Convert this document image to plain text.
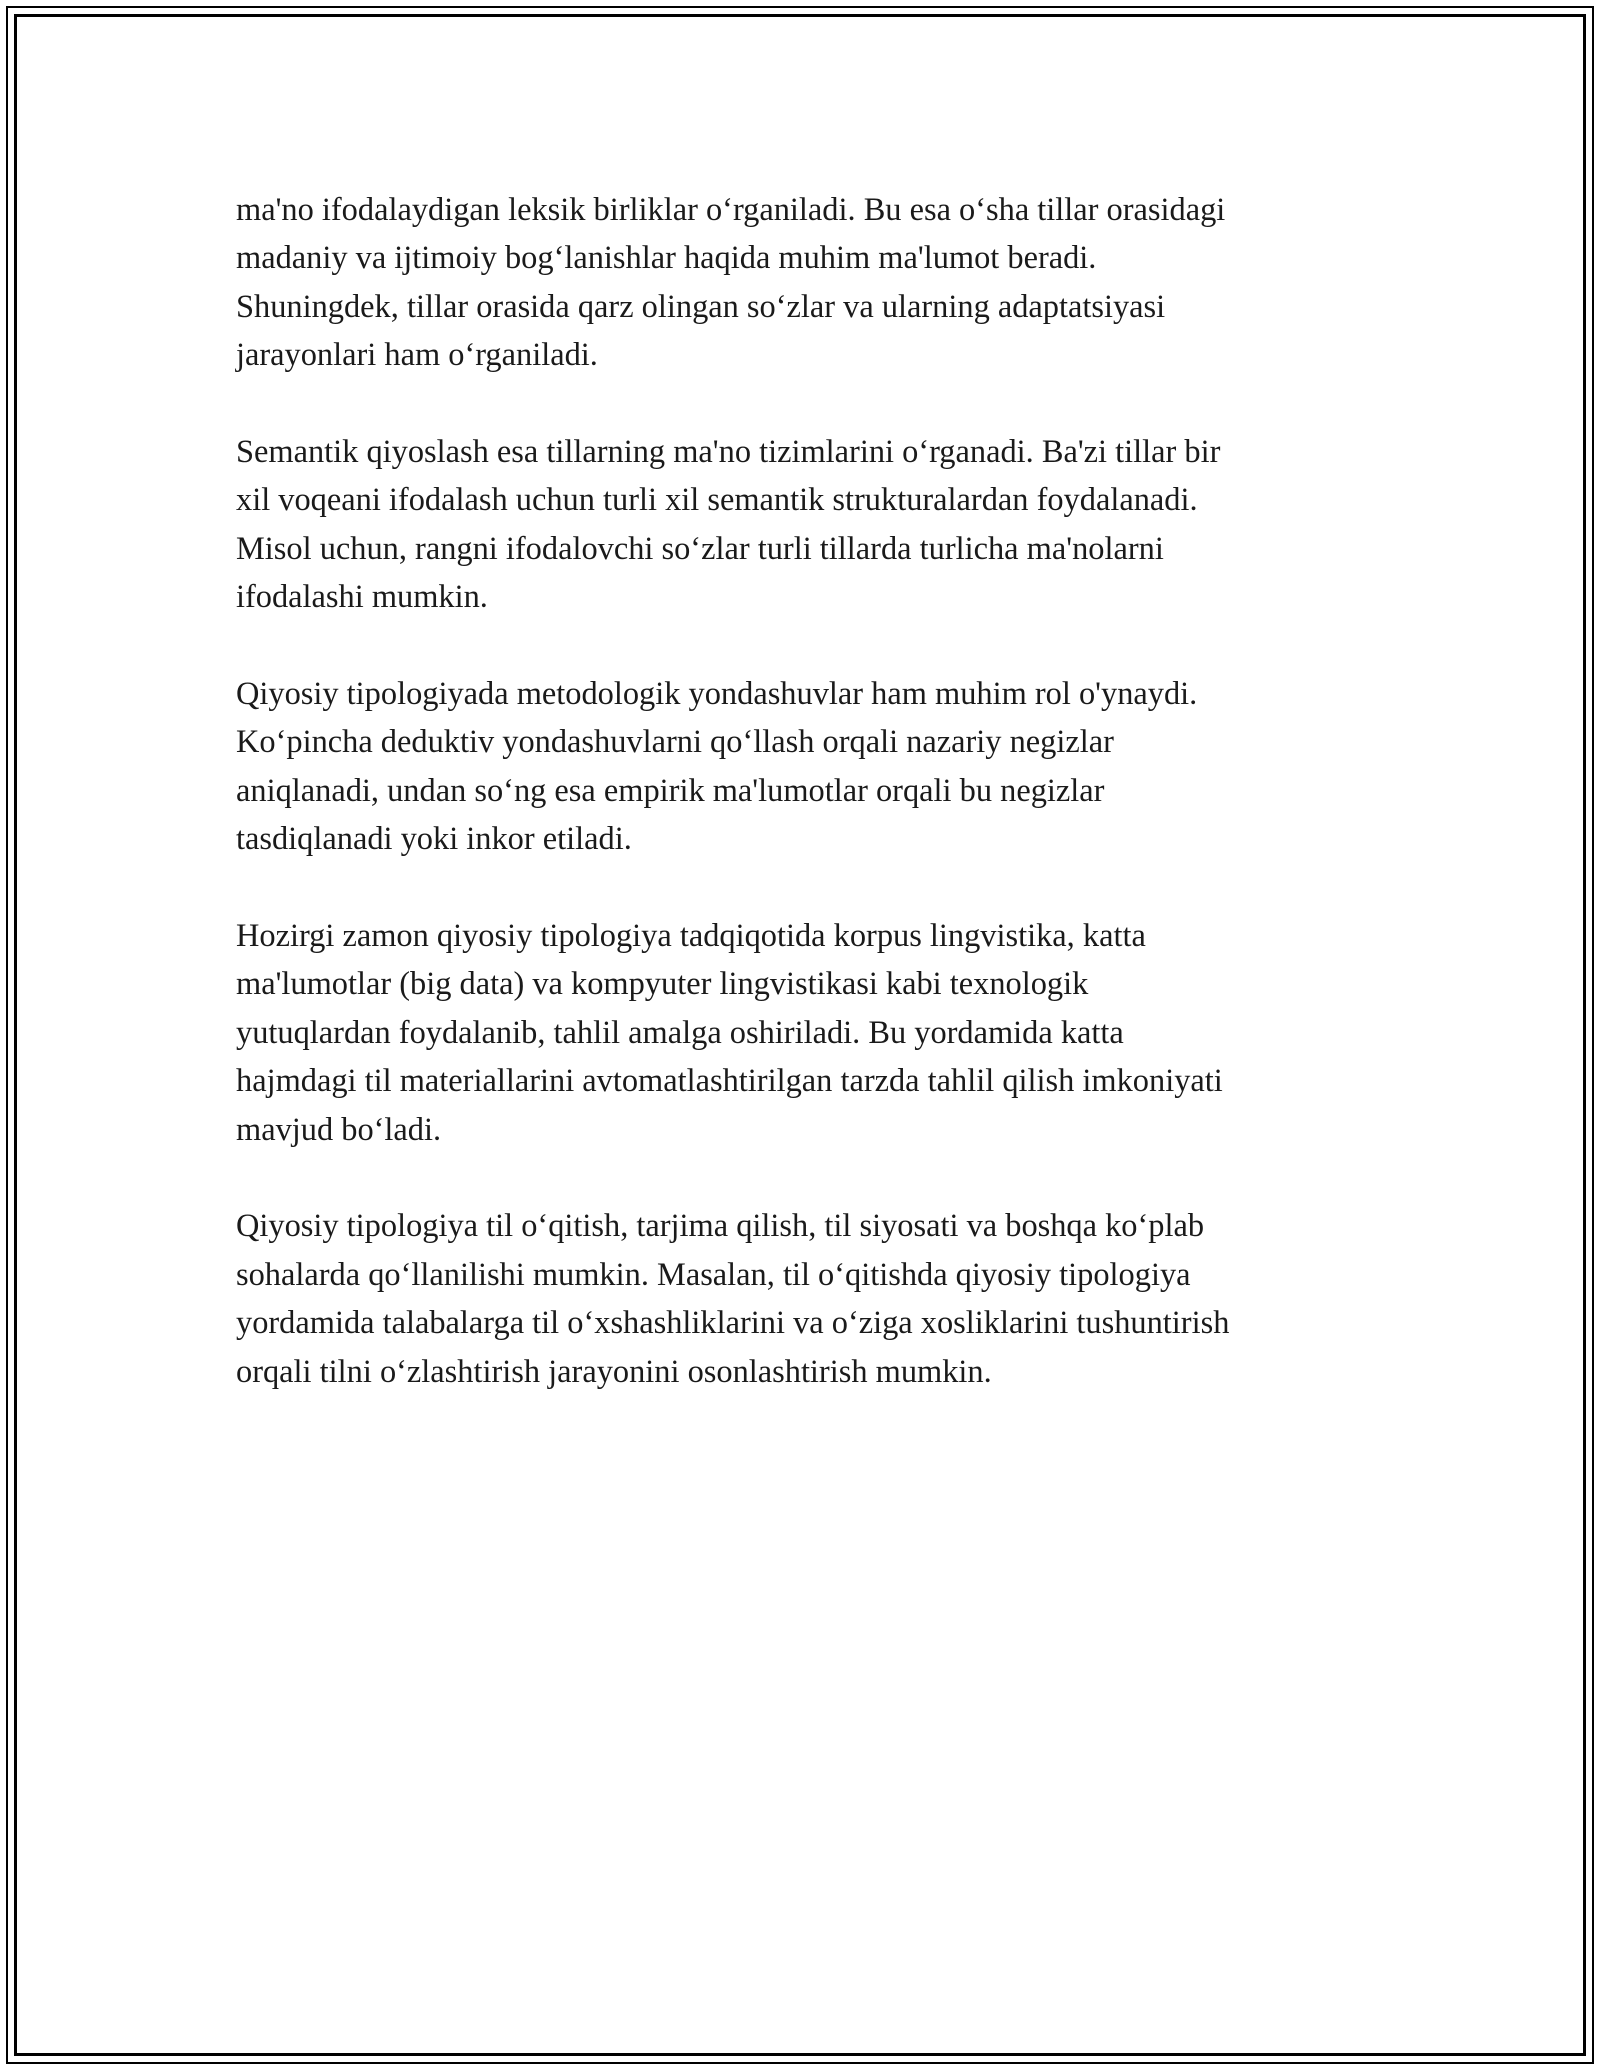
ma'no ifodalaydigan leksik birliklar o‘rganiladi. Bu esa o‘sha tillar orasidagi
madaniy va ijtimoiy bog‘lanishlar haqida muhim ma'lumot beradi.
Shuningdek, tillar orasida qarz olingan so‘zlar va ularning adaptatsiyasi
jarayonlari ham o‘rganiladi.

Semantik qiyoslash esa tillarning ma'no tizimlarini o‘rganadi. Ba'zi tillar bir
xil voqeani ifodalash uchun turli xil semantik strukturalardan foydalanadi.
Misol uchun, rangni ifodalovchi so‘zlar turli tillarda turlicha ma'nolarni
ifodalashi mumkin.

Qiyosiy tipologiyada metodologik yondashuvlar ham muhim rol o'ynaydi.
Ko‘pincha deduktiv yondashuvlarni qo‘llash orqali nazariy negizlar
aniqlanadi, undan so‘ng esa empirik ma'lumotlar orqali bu negizlar
tasdiqlanadi yoki inkor etiladi.

Hozirgi zamon qiyosiy tipologiya tadqiqotida korpus lingvistika, katta
ma'lumotlar (big data) va kompyuter lingvistikasi kabi texnologik
yutuqlardan foydalanib, tahlil amalga oshiriladi. Bu yordamida katta
hajmdagi til materiallarini avtomatlashtirilgan tarzda tahlil qilish imkoniyati
mavjud bo‘ladi.

Qiyosiy tipologiya til o‘qitish, tarjima qilish, til siyosati va boshqa ko‘plab
sohalarda qo‘llanilishi mumkin. Masalan, til o‘qitishda qiyosiy tipologiya
yordamida talabalarga til o‘xshashliklarini va o‘ziga xosliklarini tushuntirish
orqali tilni o‘zlashtirish jarayonini osonlashtirish mumkin.
